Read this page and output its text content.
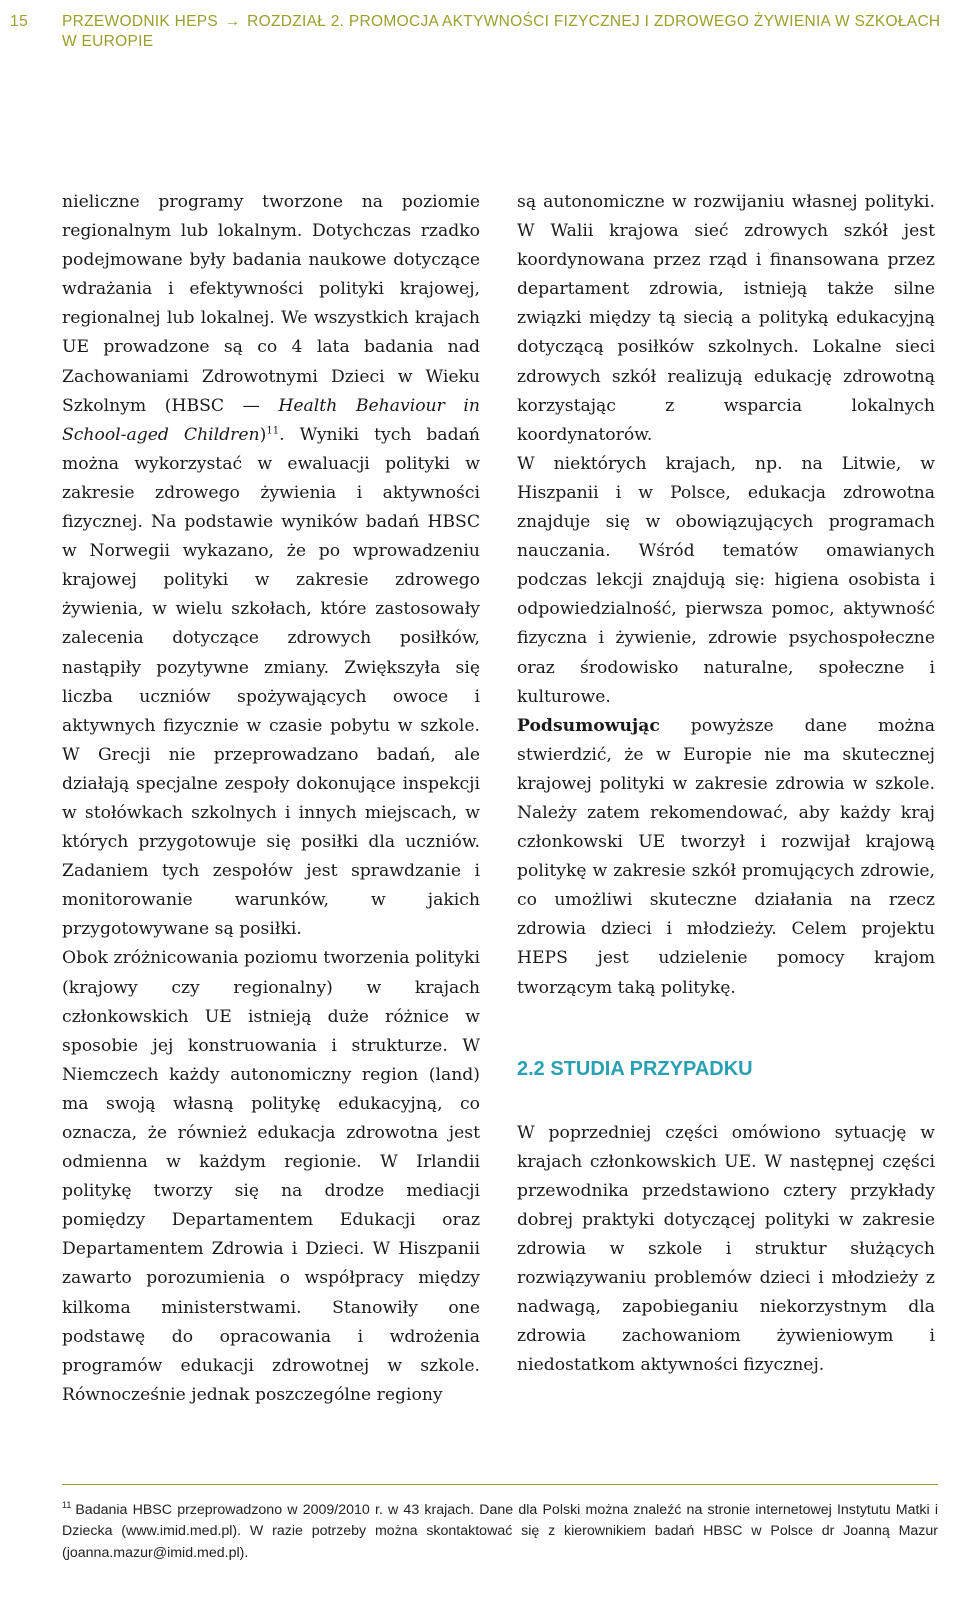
15 PRZEWODNIK HEPS → ROZDZIAŁ 2. PROMOCJA AKTYWNOŚCI FIZYCZNEJ I ZDROWEGO ŻYWIENIA W SZKOŁACH W EUROPIE

nieliczne programy tworzone na poziomie regionalnym lub lokalnym. Dotychczas rzadko podejmowane były badania naukowe dotyczące wdrażania i efektywności polityki krajowej, regionalnej lub lokalnej. We wszystkich krajach UE prowadzone są co 4 lata badania nad Zachowaniami Zdrowotnymi Dzieci w Wieku Szkolnym (HBSC — Health Behaviour in School-aged Children)$^{11}$. Wyniki tych badań można wykorzystać w ewaluacji polityki w zakresie zdrowego żywienia i aktywności fizycznej. Na podstawie wyników badań HBSC w Norwegii wykazano, że po wprowadzeniu krajowej polityki w zakresie zdrowego żywienia, w wielu szkołach, które zastosowały zalecenia dotyczące zdrowych posiłków, nastąpiły pozytywne zmiany. Zwiększyła się liczba uczniów spożywających owoce i aktywnych fizycznie w czasie pobytu w szkole. W Grecji nie przeprowadzano badań, ale działają specjalne zespoły dokonujące inspekcji w stołówkach szkolnych i innych miejscach, w których przygotowuje się posiłki dla uczniów. Zadaniem tych zespołów jest sprawdzanie i monitorowanie warunków, w jakich przygotowywane są posiłki.

Obok zróżnicowania poziomu tworzenia polityki (krajowy czy regionalny) w krajach członkowskich UE istnieją duże różnice w sposobie jej konstruowania i strukturze. W Niemczech każdy autonomiczny region (land) ma swoją własną politykę edukacyjną, co oznacza, że również edukacja zdrowotna jest odmienna w każdym regionie. W Irlandii politykę tworzy się na drodze mediacji pomiędzy Departamentem Edukacji oraz Departamentem Zdrowia i Dzieci. W Hiszpanii zawarto porozumienia o współpracy między kilkoma ministerstwami. Stanowiły one podstawę do opracowania i wdrożenia programów edukacji zdrowotnej w szkole. Równocześnie jednak poszczególne regiony

są autonomiczne w rozwijaniu własnej polityki. W Walii krajowa sieć zdrowych szkół jest koordynowana przez rząd i finansowana przez departament zdrowia, istnieją także silne związki między tą siecią a polityką edukacyjną dotyczącą posiłków szkolnych. Lokalne sieci zdrowych szkół realizują edukację zdrowotną korzystając z wsparcia lokalnych koordynatorów.

W niektórych krajach, np. na Litwie, w Hiszpanii i w Polsce, edukacja zdrowotna znajduje się w obowiązujących programach nauczania. Wśród tematów omawianych podczas lekcji znajdują się: higiena osobista i odpowiedzialność, pierwsza pomoc, aktywność fizyczna i żywienie, zdrowie psychospołeczne oraz środowisko naturalne, społeczne i kulturowe.

Podsumowując powyższe dane można stwierdzić, że w Europie nie ma skutecznej krajowej polityki w zakresie zdrowia w szkole. Należy zatem rekomendować, aby każdy kraj członkowski UE tworzył i rozwijał krajową politykę w zakresie szkół promujących zdrowie, co umożliwi skuteczne działania na rzecz zdrowia dzieci i młodzieży. Celem projektu HEPS jest udzielenie pomocy krajom tworzącym taką politykę.

2.2 STUDIA PRZYPADKU

W poprzedniej części omówiono sytuację w krajach członkowskich UE. W następnej części przewodnika przedstawiono cztery przykłady dobrej praktyki dotyczącej polityki w zakresie zdrowia w szkole i struktur służących rozwiązywaniu problemów dzieci i młodzieży z nadwagą, zapobieganiu niekorzystnym dla zdrowia zachowaniom żywieniowym i niedostatkom aktywności fizycznej.

$^{11}$ Badania HBSC przeprowadzono w 2009/2010 r. w 43 krajach. Dane dla Polski można znaleźć na stronie internetowej Instytutu Matki i Dziecka (www.imid.med.pl). W razie potrzeby można skontaktować się z kierownikiem badań HBSC w Polsce dr Joanną Mazur (joanna.mazur@imid.med.pl).
